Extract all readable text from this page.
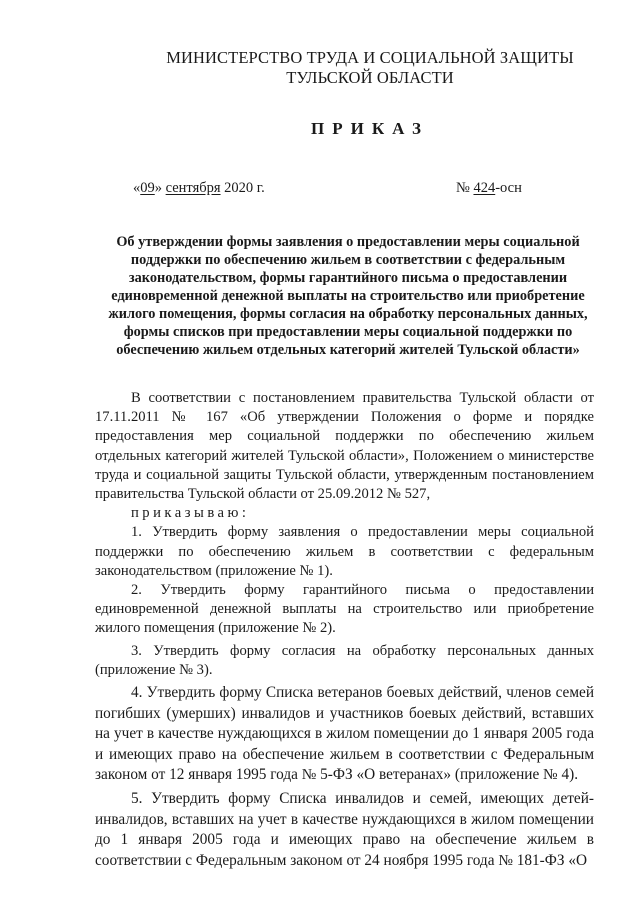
МИНИСТЕРСТВО ТРУДА И СОЦИАЛЬНОЙ ЗАЩИТЫ
ТУЛЬСКОЙ ОБЛАСТИ
ПРИКАЗ
«09» сентября 2020 г.	№ 424-осн
Об утверждении формы заявления о предоставлении меры социальной поддержки по обеспечению жильем в соответствии с федеральным законодательством, формы гарантийного письма о предоставлении единовременной денежной выплаты на строительство или приобретение жилого помещения, формы согласия на обработку персональных данных, формы списков при предоставлении меры социальной поддержки по обеспечению жильем отдельных категорий жителей Тульской области»

В соответствии с постановлением правительства Тульской области от 17.11.2011 № 167 «Об утверждении Положения о форме и порядке предоставления мер социальной поддержки по обеспечению жильем отдельных категорий жителей Тульской области», Положением о министерстве труда и социальной защиты Тульской области, утвержденным постановлением правительства Тульской области от 25.09.2012 № 527,

приказываю:

1. Утвердить форму заявления о предоставлении меры социальной поддержки по обеспечению жильем в соответствии с федеральным законодательством (приложение № 1).

2. Утвердить форму гарантийного письма о предоставлении единовременной денежной выплаты на строительство или приобретение жилого помещения (приложение № 2).

3. Утвердить форму согласия на обработку персональных данных (приложение № 3).

4. Утвердить форму Списка ветеранов боевых действий, членов семей погибших (умерших) инвалидов и участников боевых действий, вставших на учет в качестве нуждающихся в жилом помещении до 1 января 2005 года и имеющих право на обеспечение жильем в соответствии с Федеральным законом от 12 января 1995 года № 5-ФЗ «О ветеранах» (приложение № 4).

5. Утвердить форму Списка инвалидов и семей, имеющих детей-инвалидов, вставших на учет в качестве нуждающихся в жилом помещении до 1 января 2005 года и имеющих право на обеспечение жильем в соответствии с Федеральным законом от 24 ноября 1995 года № 181-ФЗ «О
